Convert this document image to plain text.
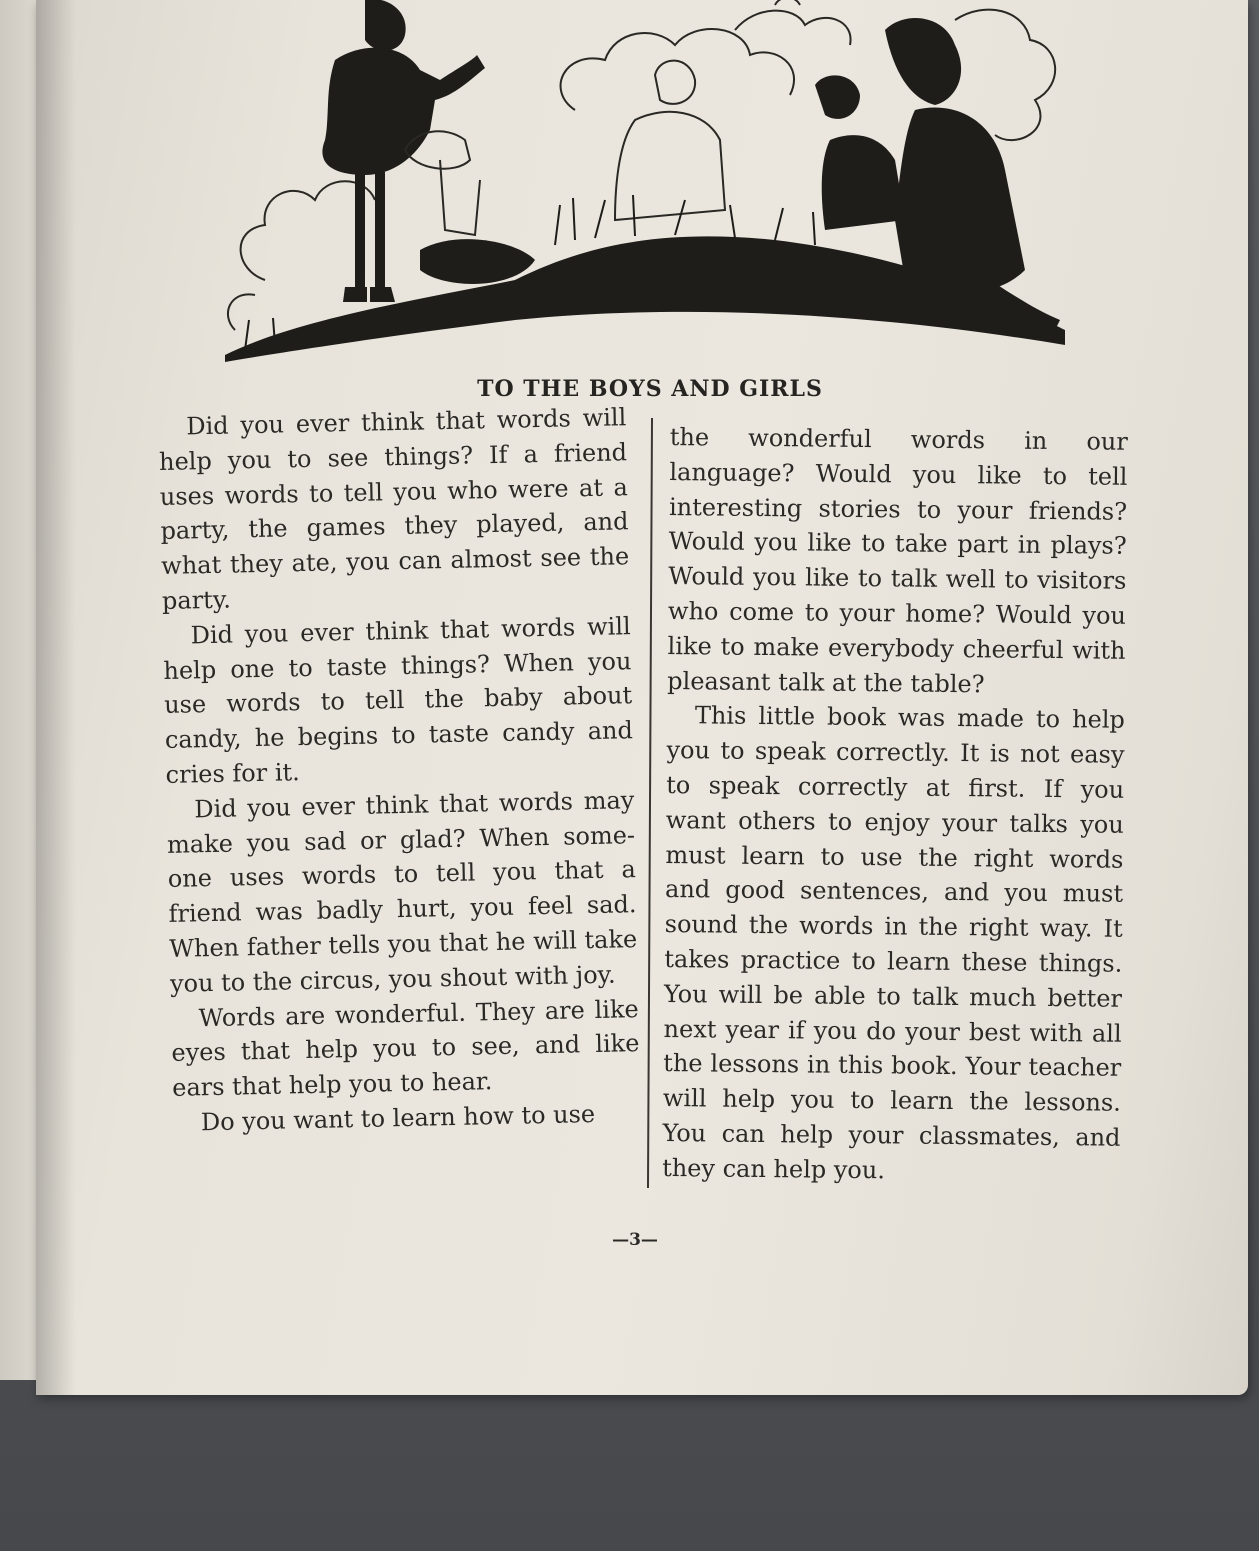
TO THE BOYS AND GIRLS

Did you ever think that words will help you to see things? If a friend uses words to tell you who were at a party, the games they played, and what they ate, you can almost see the party.

Did you ever think that words will help one to taste things? When you use words to tell the baby about candy, he begins to taste candy and cries for it.

Did you ever think that words may make you sad or glad? When some-one uses words to tell you that a friend was badly hurt, you feel sad. When father tells you that he will take you to the circus, you shout with joy.

Words are wonderful. They are like eyes that help you to see, and like ears that help you to hear.

Do you want to learn how to use

the wonderful words in our language? Would you like to tell interesting stories to your friends? Would you like to take part in plays? Would you like to talk well to visitors who come to your home? Would you like to make everybody cheerful with pleasant talk at the table?

This little book was made to help you to speak correctly. It is not easy to speak correctly at first. If you want others to enjoy your talks you must learn to use the right words and good sentences, and you must sound the words in the right way. It takes practice to learn these things. You will be able to talk much better next year if you do your best with all the lessons in this book. Your teacher will help you to learn the lessons. You can help your classmates, and they can help you.

—3—
